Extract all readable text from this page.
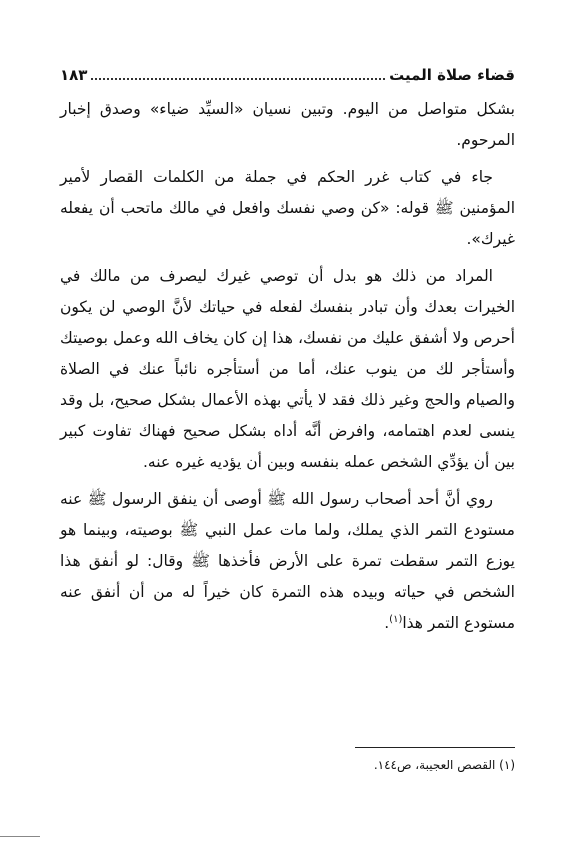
قضاء صلاة الميت
١٨٣

بشكل متواصل من اليوم. وتبين نسيان «السيِّد ضياء» وصدق إخبار المرحوم.

جاء في كتاب غرر الحكم في جملة من الكلمات القصار لأمير المؤمنين ﷺ قوله: «كن وصي نفسك وافعل في مالك ماتحب أن يفعله غيرك».

المراد من ذلك هو بدل أن توصي غيرك ليصرف من مالك في الخيرات بعدك وأن تبادر بنفسك لفعله في حياتك لأنَّ الوصي لن يكون أحرص ولا أشفق عليك من نفسك، هذا إن كان يخاف الله وعمل بوصيتك وأستأجر لك من ينوب عنك، أما من أستأجره نائباً عنك في الصلاة والصيام والحج وغير ذلك فقد لا يأتي بهذه الأعمال بشكل صحيح، بل وقد ينسى لعدم اهتمامه، وافرض أنَّه أداه بشكل صحيح فهناك تفاوت كبير بين أن يؤدِّي الشخص عمله بنفسه وبين أن يؤديه غيره عنه.

روي أنَّ أحد أصحاب رسول الله ﷺ أوصى أن ينفق الرسول ﷺ عنه مستودع التمر الذي يملك، ولما مات عمل النبي ﷺ بوصيته، وبينما هو يوزع التمر سقطت تمرة على الأرض فأخذها ﷺ وقال: لو أنفق هذا الشخص في حياته وبيده هذه التمرة كان خيراً له من أن أنفق عنه مستودع التمر هذا$^{(١)}$.

(١) القصص العجيبة، ص١٤٤.
